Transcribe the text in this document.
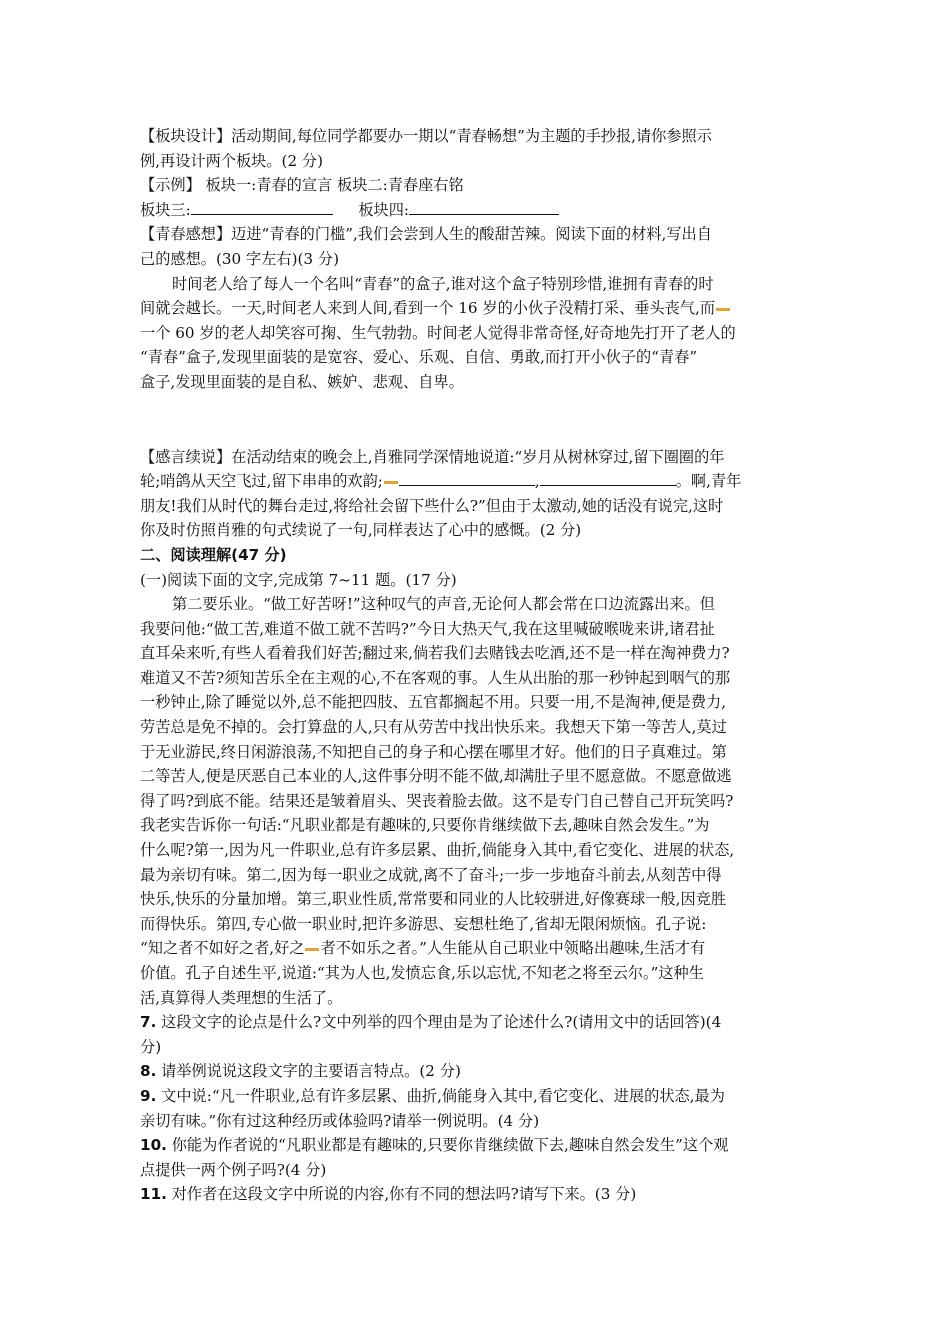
【板块设计】活动期间,每位同学都要办一期以“青春畅想”为主题的手抄报,请你参照示
例,再设计两个板块。(2 分)
【示例】 板块一:青春的宣言 板块二:青春座右铭
板块三:	板块四:
【青春感想】迈进“青春的门槛”,我们会尝到人生的酸甜苦辣。阅读下面的材料,写出自
己的感想。(30 字左右)(3 分)
时间老人给了每人一个名叫“青春”的盒子,谁对这个盒子特别珍惜,谁拥有青春的时
间就会越长。一天,时间老人来到人间,看到一个 16 岁的小伙子没精打采、垂头丧气,而
一个 60 岁的老人却笑容可掬、生气勃勃。时间老人觉得非常奇怪,好奇地先打开了老人的
“青春”盒子,发现里面装的是宽容、爱心、乐观、自信、勇敢,而打开小伙子的“青春”
盒子,发现里面装的是自私、嫉妒、悲观、自卑。
【感言续说】在活动结束的晚会上,肖雅同学深情地说道:“岁月从树林穿过,留下圈圈的年
轮;哨鸽从天空飞过,留下串串的欢韵;	,	。啊,青年
朋友!我们从时代的舞台走过,将给社会留下些什么?”但由于太激动,她的话没有说完,这时
你及时仿照肖雅的句式续说了一句,同样表达了心中的感慨。(2 分)
二、阅读理解(47 分)
(一)阅读下面的文字,完成第 7~11 题。(17 分)
第二要乐业。“做工好苦呀!”这种叹气的声音,无论何人都会常在口边流露出来。但
我要问他:“做工苦,难道不做工就不苦吗?”今日大热天气,我在这里喊破喉咙来讲,诸君扯
直耳朵来听,有些人看着我们好苦;翻过来,倘若我们去赌钱去吃酒,还不是一样在淘神费力?
难道又不苦?须知苦乐全在主观的心,不在客观的事。人生从出胎的那一秒钟起到咽气的那
一秒钟止,除了睡觉以外,总不能把四肢、五官都搁起不用。只要一用,不是淘神,便是费力,
劳苦总是免不掉的。会打算盘的人,只有从劳苦中找出快乐来。我想天下第一等苦人,莫过
于无业游民,终日闲游浪荡,不知把自己的身子和心摆在哪里才好。他们的日子真难过。第
二等苦人,便是厌恶自己本业的人,这件事分明不能不做,却满肚子里不愿意做。不愿意做逃
得了吗?到底不能。结果还是皱着眉头、哭丧着脸去做。这不是专门自己替自己开玩笑吗?
我老实告诉你一句话:“凡职业都是有趣味的,只要你肯继续做下去,趣味自然会发生。”为
什么呢?第一,因为凡一件职业,总有许多层累、曲折,倘能身入其中,看它变化、进展的状态,
最为亲切有味。第二,因为每一职业之成就,离不了奋斗;一步一步地奋斗前去,从刻苦中得
快乐,快乐的分量加增。第三,职业性质,常常要和同业的人比较骈进,好像赛球一般,因竞胜
而得快乐。第四,专心做一职业时,把许多游思、妄想杜绝了,省却无限闲烦恼。孔子说:
“知之者不如好之者,好之 者不如乐之者。”人生能从自己职业中领略出趣味,生活才有
价值。孔子自述生平,说道:“其为人也,发愤忘食,乐以忘忧,不知老之将至云尔。”这种生
活,真算得人类理想的生活了。
7. 这段文字的论点是什么?文中列举的四个理由是为了论述什么?(请用文中的话回答)(4
分)
8. 请举例说说这段文字的主要语言特点。(2 分)
9. 文中说:“凡一件职业,总有许多层累、曲折,倘能身入其中,看它变化、进展的状态,最为
亲切有味。”你有过这种经历或体验吗?请举一例说明。(4 分)
10. 你能为作者说的“凡职业都是有趣味的,只要你肯继续做下去,趣味自然会发生”这个观
点提供一两个例子吗?(4 分)
11. 对作者在这段文字中所说的内容,你有不同的想法吗?请写下来。(3 分)
